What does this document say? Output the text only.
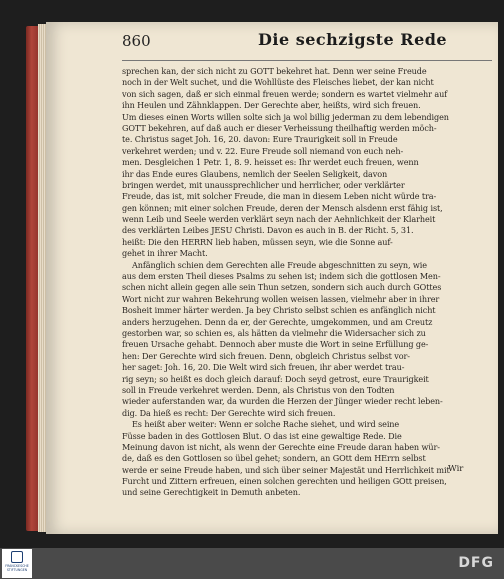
860	Die sechzigste Rede
sprechen kan, der sich nicht zu GOTT bekehret hat. Denn wer seine Freude
noch in der Welt suchet, und die Wohllüste des Fleisches liebet, der kan nicht
von sich sagen, daß er sich einmal freuen werde; sondern es wartet vielmehr auf
ihn Heulen und Zähnklappen. Der Gerechte aber, heißts, wird sich freuen.
Um dieses einen Worts willen solte sich ja wol billig jederman zu dem lebendigen
GOTT bekehren, auf daß auch er dieser Verheissung theilhaftig werden möch-
te. Christus saget Joh. 16, 20. davon: Eure Traurigkeit soll in Freude
verkehret werden; und v. 22. Eure Freude soll niemand von euch neh-
men. Desgleichen 1 Petr. 1, 8. 9. heisset es: Ihr werdet euch freuen, wenn
ihr das Ende eures Glaubens, nemlich der Seelen Seligkeit, davon
bringen werdet, mit unaussprechlicher und herrlicher, oder verklärter
Freude, das ist, mit solcher Freude, die man in diesem Leben nicht würde tra-
gen können; mit einer solchen Freude, deren der Mensch alsdenn erst fähig ist,
wenn Leib und Seele werden verklärt seyn nach der Aehnlichkeit der Klarheit
des verklärten Leibes JESU Christi. Davon es auch in B. der Richt. 5, 31.
heißt: Die den HERRN lieb haben, müssen seyn, wie die Sonne auf-
gehet in ihrer Macht.
Anfänglich schien dem Gerechten alle Freude abgeschnitten zu seyn, wie
aus dem ersten Theil dieses Psalms zu sehen ist; indem sich die gottlosen Men-
schen nicht allein gegen alle sein Thun setzen, sondern sich auch durch GOttes
Wort nicht zur wahren Bekehrung wollen weisen lassen, vielmehr aber in ihrer
Bosheit immer härter werden. Ja bey Christo selbst schien es anfänglich nicht
anders herzugehen. Denn da er, der Gerechte, umgekommen, und am Creutz
gestorben war, so schien es, als hätten da vielmehr die Widersacher sich zu
freuen Ursache gehabt. Dennoch aber muste die Wort in seine Erfüllung ge-
hen: Der Gerechte wird sich freuen. Denn, obgleich Christus selbst vor-
her saget: Joh. 16, 20. Die Welt wird sich freuen, ihr aber werdet trau-
rig seyn; so heißt es doch gleich darauf: Doch seyd getrost, eure Traurigkeit
soll in Freude verkehret werden. Denn, als Christus von den Todten
wieder auferstanden war, da wurden die Herzen der Jünger wieder recht leben-
dig. Da hieß es recht: Der Gerechte wird sich freuen.
Es heißt aber weiter: Wenn er solche Rache siehet, und wird seine
Füsse baden in des Gottlosen Blut. O das ist eine gewaltige Rede. Die
Meinung davon ist nicht, als wenn der Gerechte eine Freude daran haben wür-
de, daß es den Gottlosen so übel gehet; sondern, an GOtt dem HErrn selbst
werde er seine Freude haben, und sich über seiner Majestät und Herrlichkeit mit
Furcht und Zittern erfreuen, einen solchen gerechten und heiligen GOtt preisen,
und seine Gerechtigkeit in Demuth anbeten.
Wir
FRANCKESCHE STIFTUNGEN	DFG
